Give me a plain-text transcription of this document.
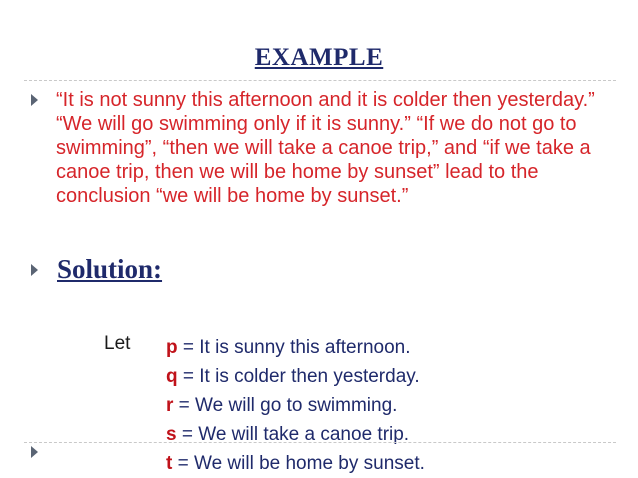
EXAMPLE
“It is not sunny this afternoon and it is colder then yesterday.” “We will go swimming only if it is sunny.” “If we do not go to swimming”, “then we will take a canoe trip,” and “if we take a canoe trip, then we will be home by sunset” lead to the conclusion “we will be home by sunset.”
Solution:
Let p = It is sunny this afternoon.
q = It is colder then yesterday.
r = We will go to swimming.
s = We will take a canoe trip.
t = We will be home by sunset.
